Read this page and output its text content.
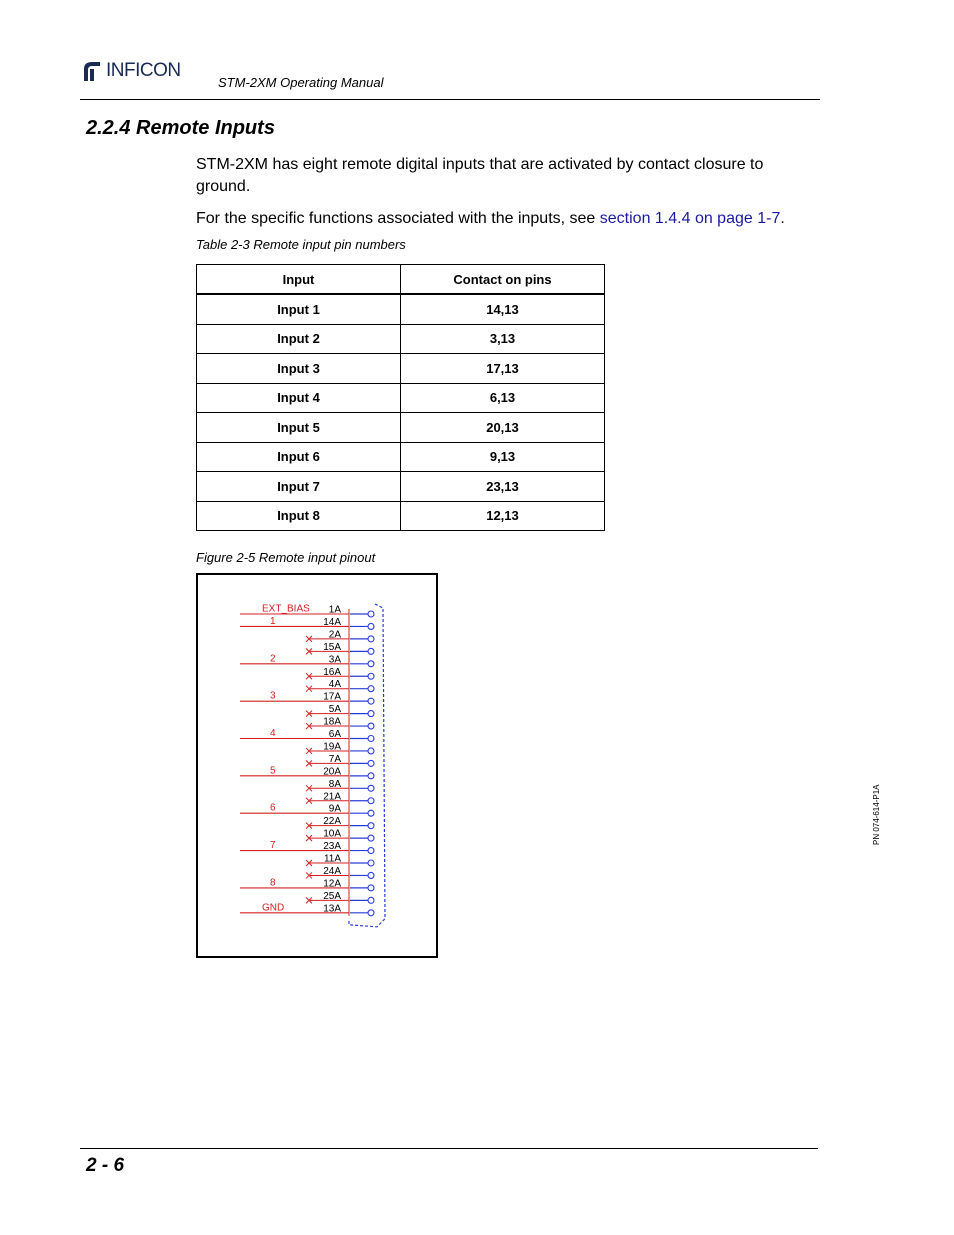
INFICON
STM-2XM Operating Manual
2.2.4 Remote Inputs
STM-2XM has eight remote digital inputs that are activated by contact closure to ground.
For the specific functions associated with the inputs, see section 1.4.4 on page 1-7.
Table 2-3 Remote input pin numbers
Input	Contact on pins
Input 1	14,13
Input 2	3,13
Input 3	17,13
Input 4	6,13
Input 5	20,13
Input 6	9,13
Input 7	23,13
Input 8	12,13
Figure 2-5 Remote input pinout
1A
EXT_BIAS
14A
1
2A
15A
3A
2
16A
4A
17A
3
5A
18A
6A
4
19A
7A
20A
5
8A
21A
9A
6
22A
10A
23A
7
11A
24A
12A
8
25A
13A
GND
2 - 6
PN 074-614-P1A
